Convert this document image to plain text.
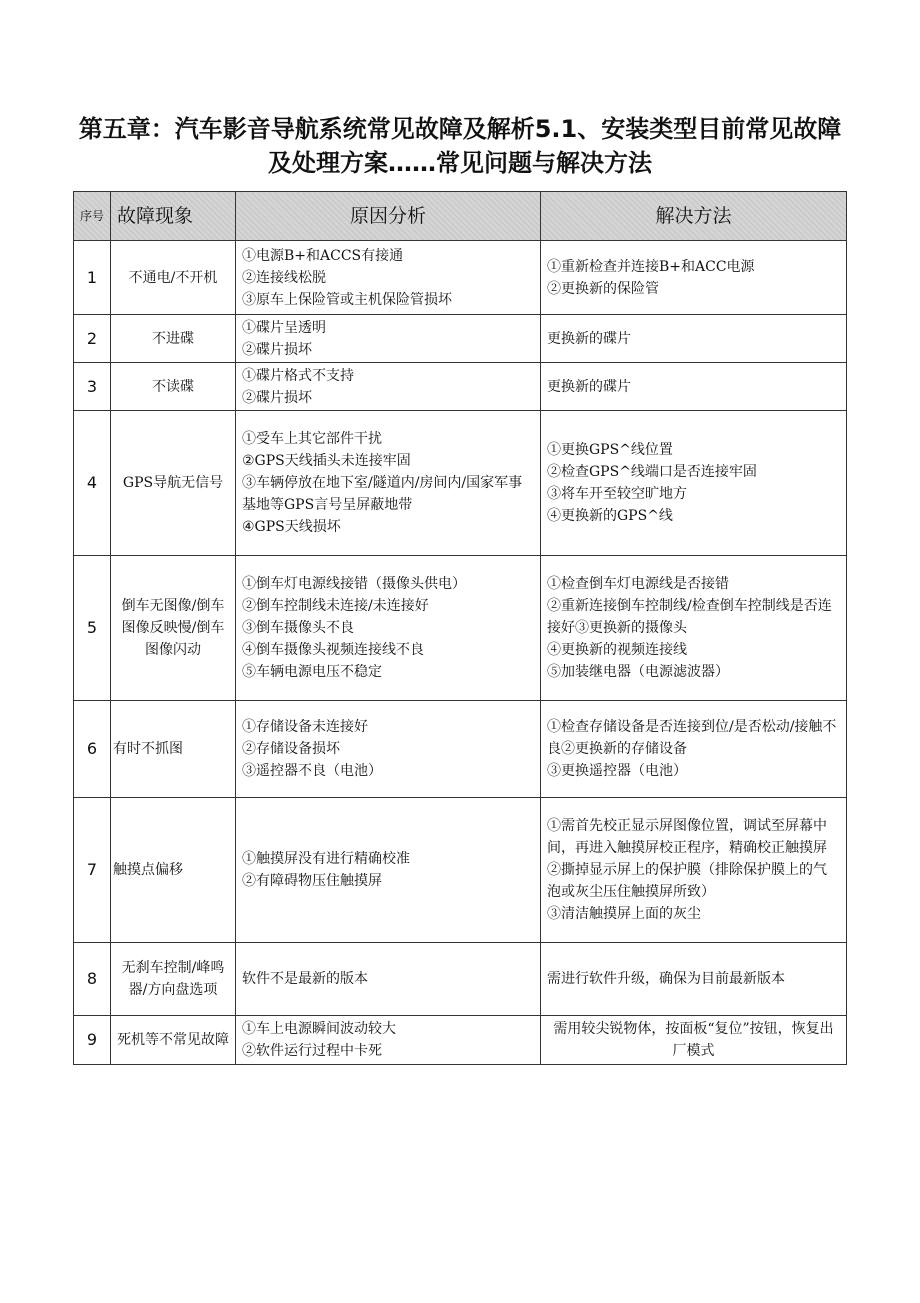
第五章：汽车影音导航系统常见故障及解析5.1、安装类型目前常见故障及处理方案……常见问题与解决方法
序号	故障现象	原因分析	解决方法
1	不通电/不开机	①电源B+和ACCS有接通
②连接线松脱
③原车上保险管或主机保险管损坏	①重新检查并连接B+和ACC电源
②更换新的保险管

2	不进碟	①碟片呈透明
②碟片损坏	更换新的碟片

3	不读碟	①碟片格式不支持
②碟片损坏	更换新的碟片

4	GPS导航无信号	①受车上其它部件干扰
②GPS天线插头未连接牢固
③车辆停放在地下室/隧道内/房间内/国家军事基地等GPS言号呈屏蔽地带
④GPS天线损坏	①更换GPS^线位置
②检查GPS^线端口是否连接牢固
③将车开至较空旷地方
④更换新的GPS^线

5	倒车无图像/倒车图像反映慢/倒车图像闪动	①倒车灯电源线接错（摄像头供电）
②倒车控制线未连接/未连接好
③倒车摄像头不良
④倒车摄像头视频连接线不良
⑤车辆电源电压不稳定	①检查倒车灯电源线是否接错
②重新连接倒车控制线/检查倒车控制线是否连接好③更换新的摄像头
④更换新的视频连接线
⑤加装继电器（电源滤波器）

6	有时不抓图	①存储设备未连接好
②存储设备损坏
③遥控器不良（电池）	①检查存储设备是否连接到位/是否松动/接触不良②更换新的存储设备
③更换遥控器（电池）

7	触摸点偏移	①触摸屏没有进行精确校准
②有障碍物压住触摸屏	①需首先校正显示屏图像位置，调试至屏幕中间，再进入触摸屏校正程序，精确校正触摸屏
②撕掉显示屏上的保护膜（排除保护膜上的气泡或灰尘压住触摸屏所致）
③清洁触摸屏上面的灰尘

8	无刹车控制/峰鸣器/方向盘选项	软件不是最新的版本	需进行软件升级，确保为目前最新版本

9	死机等不常见故障	①车上电源瞬间波动较大
②软件运行过程中卡死	需用较尖锐物体，按面板“复位”按钮，恢复出厂模式
